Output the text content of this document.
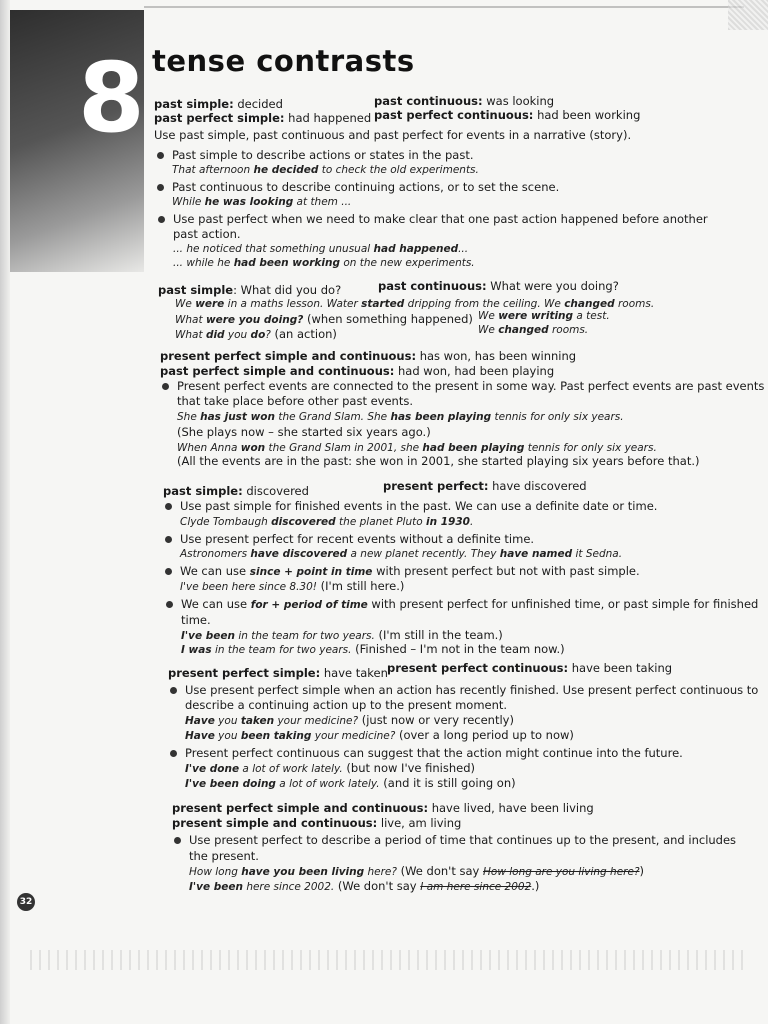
8 tense contrasts
past simple: decided	past continuous: was looking
past perfect simple: had happened past perfect continuous: had been working
Use past simple, past continuous and past perfect for events in a narrative (story).
Past simple to describe actions or states in the past.
That afternoon he decided to check the old experiments.
Past continuous to describe continuing actions, or to set the scene.
While he was looking at them ...
Use past perfect when we need to make clear that one past action happened before another
past action.
... he noticed that something unusual had happened...
... while he had been working on the new experiments.
past simple: What did you do?	past continuous: What were you doing?
We were in a maths lesson. Water started dripping from the ceiling. We changed rooms.
What were you doing? (when something happened) We were writing a test.
What did you do? (an action)	We changed rooms.
present perfect simple and continuous: has won, has been winning
past perfect simple and continuous: had won, had been playing
Present perfect events are connected to the present in some way. Past perfect events are past events
that take place before other past events.
She has just won the Grand Slam. She has been playing tennis for only six years.
(She plays now – she started six years ago.)
When Anna won the Grand Slam in 2001, she had been playing tennis for only six years.
(All the events are in the past: she won in 2001, she started playing six years before that.)
past simple: discovered	present perfect: have discovered
Use past simple for finished events in the past. We can use a definite date or time.
Clyde Tombaugh discovered the planet Pluto in 1930.
Use present perfect for recent events without a definite time.
Astronomers have discovered a new planet recently. They have named it Sedna.
We can use since + point in time with present perfect but not with past simple.
I've been here since 8.30! (I'm still here.)
We can use for + period of time with present perfect for unfinished time, or past simple for finished
time.
I've been in the team for two years. (I'm still in the team.)
I was in the team for two years. (Finished – I'm not in the team now.)
present perfect simple: have taken present perfect continuous: have been taking
Use present perfect simple when an action has recently finished. Use present perfect continuous to
describe a continuing action up to the present moment.
Have you taken your medicine? (just now or very recently)
Have you been taking your medicine? (over a long period up to now)
Present perfect continuous can suggest that the action might continue into the future.
I've done a lot of work lately. (but now I've finished)
I've been doing a lot of work lately. (and it is still going on)
present perfect simple and continuous: have lived, have been living
present simple and continuous: live, am living
Use present perfect to describe a period of time that continues up to the present, and includes
the present.
How long have you been living here? (We don't say How long are you living here?)
I've been here since 2002. (We don't say I am here since 2002.)
32
